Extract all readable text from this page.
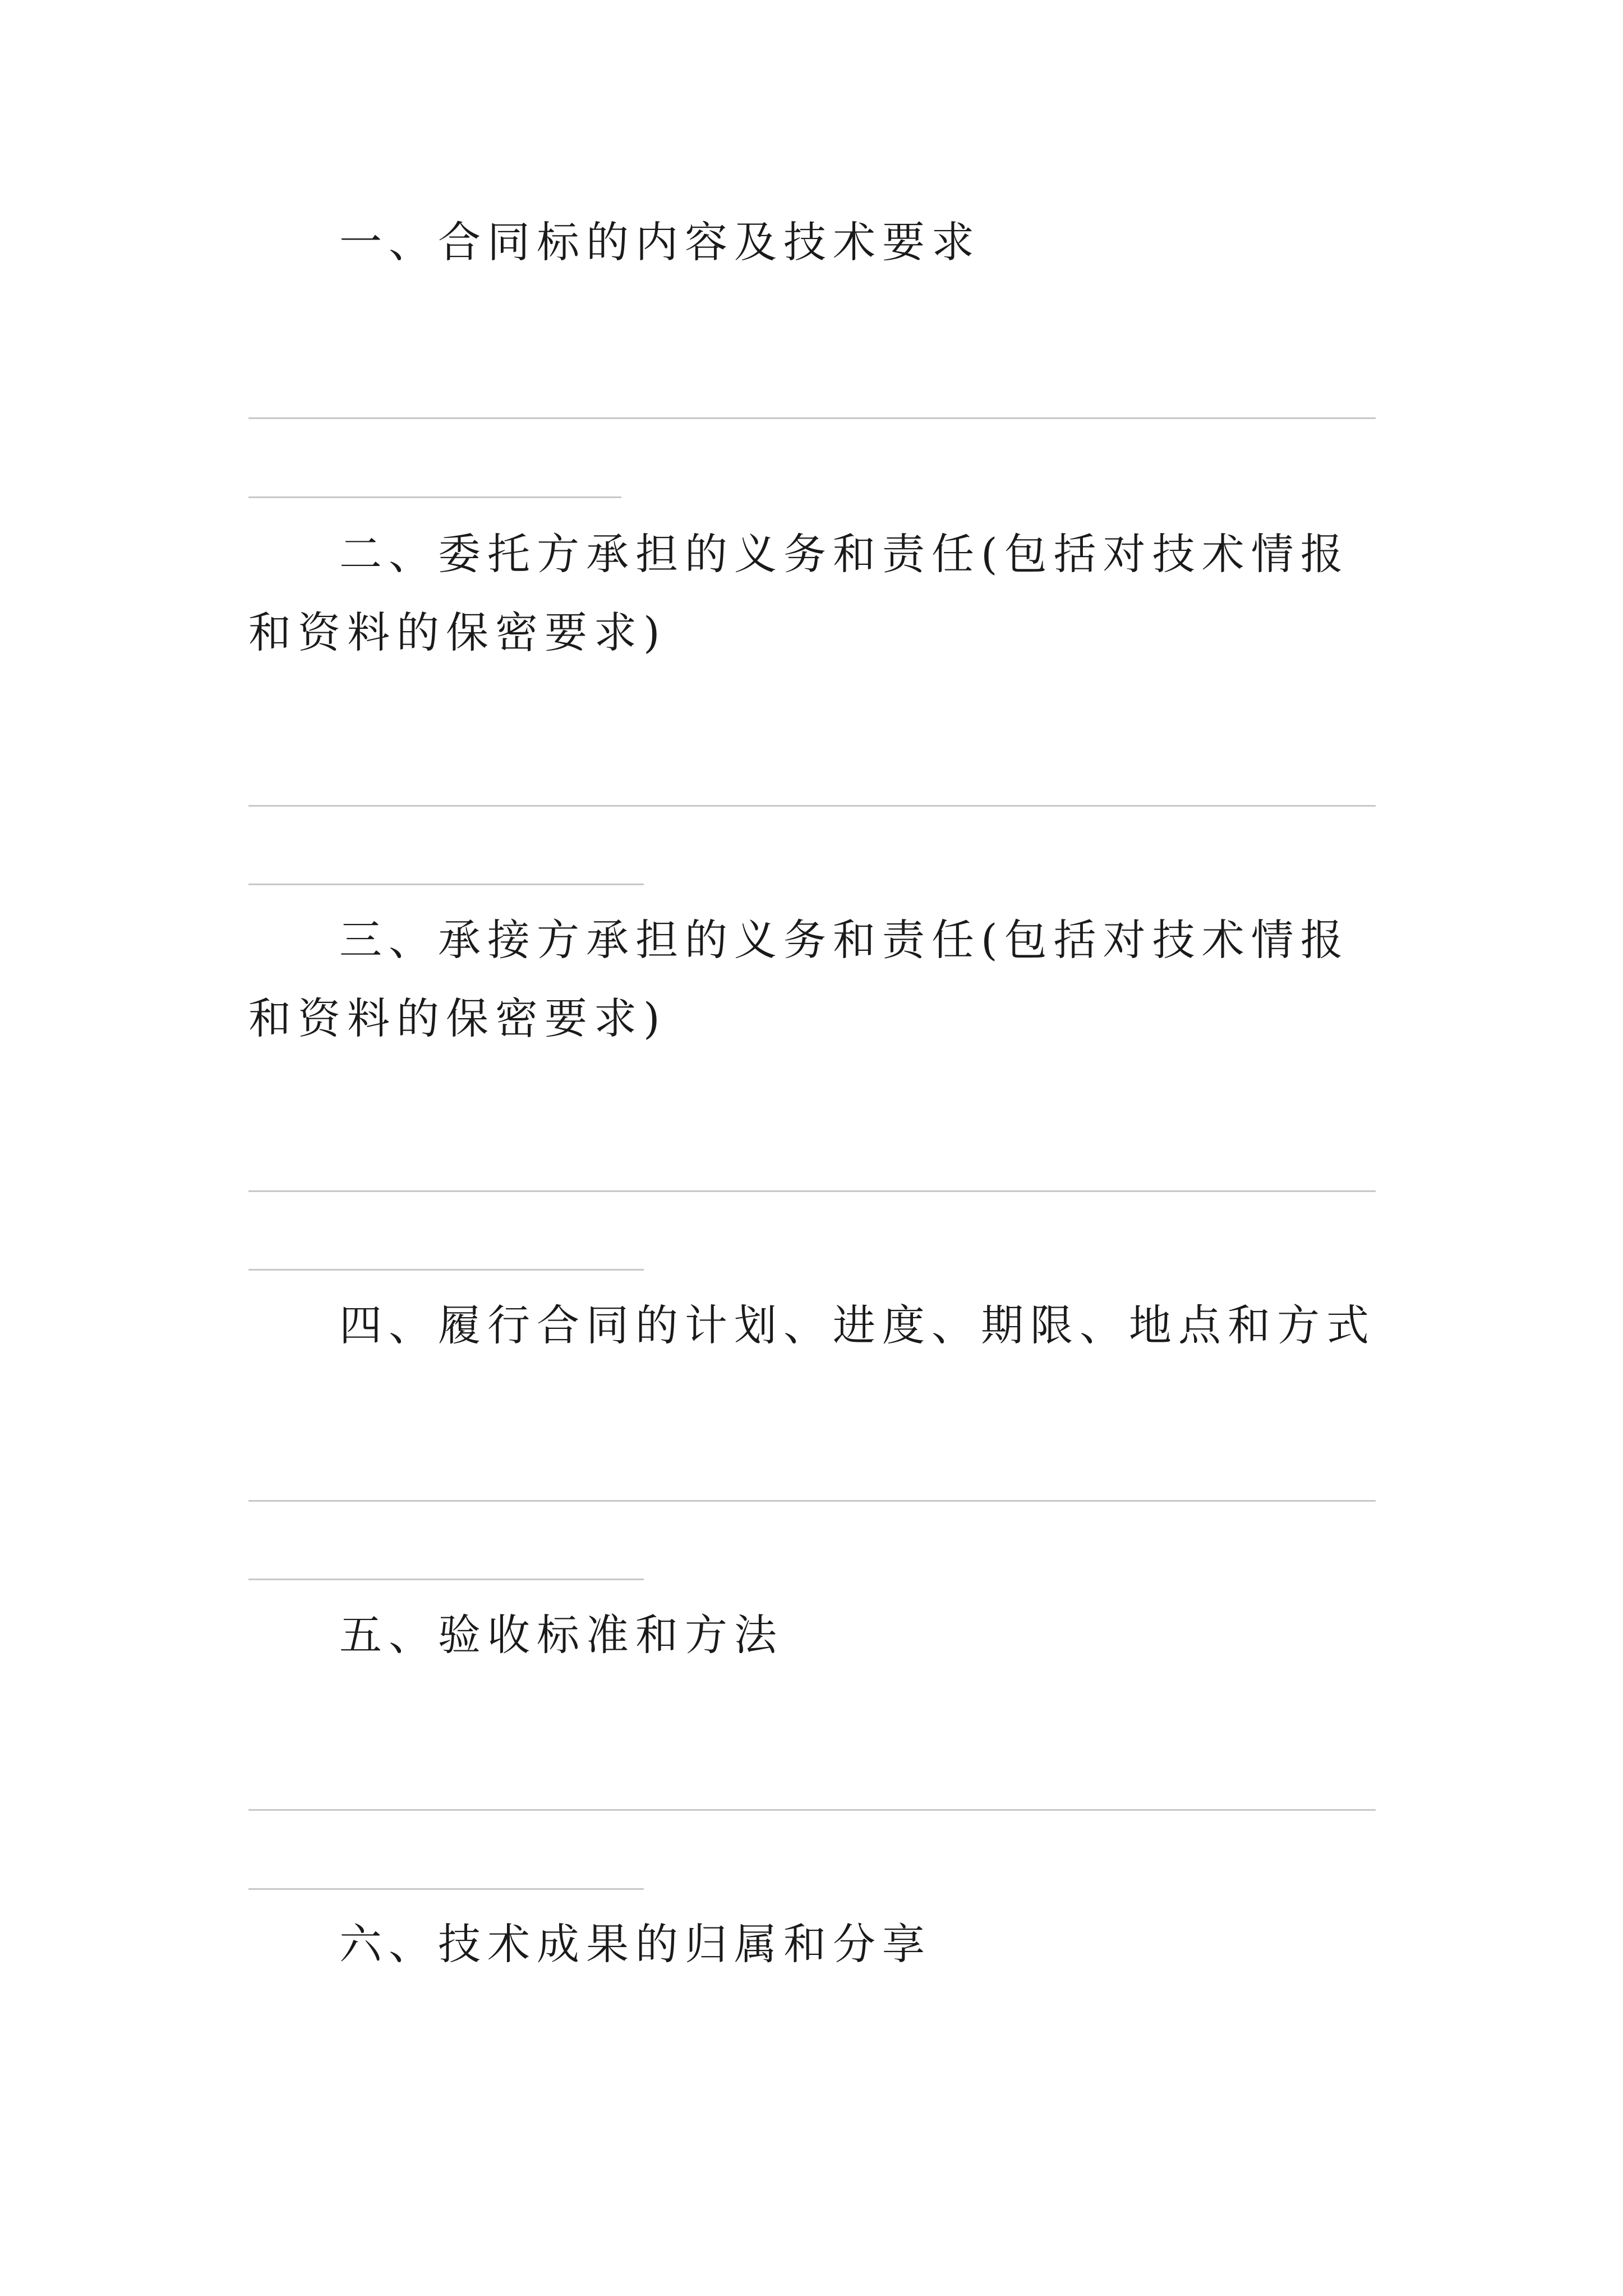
一、合同标的内容及技术要求

二、委托方承担的义务和责任(包括对技术情报和资料的保密要求)

三、承接方承担的义务和责任(包括对技术情报和资料的保密要求)

四、履行合同的计划、进度、期限、地点和方式

五、验收标准和方法

六、技术成果的归属和分享
